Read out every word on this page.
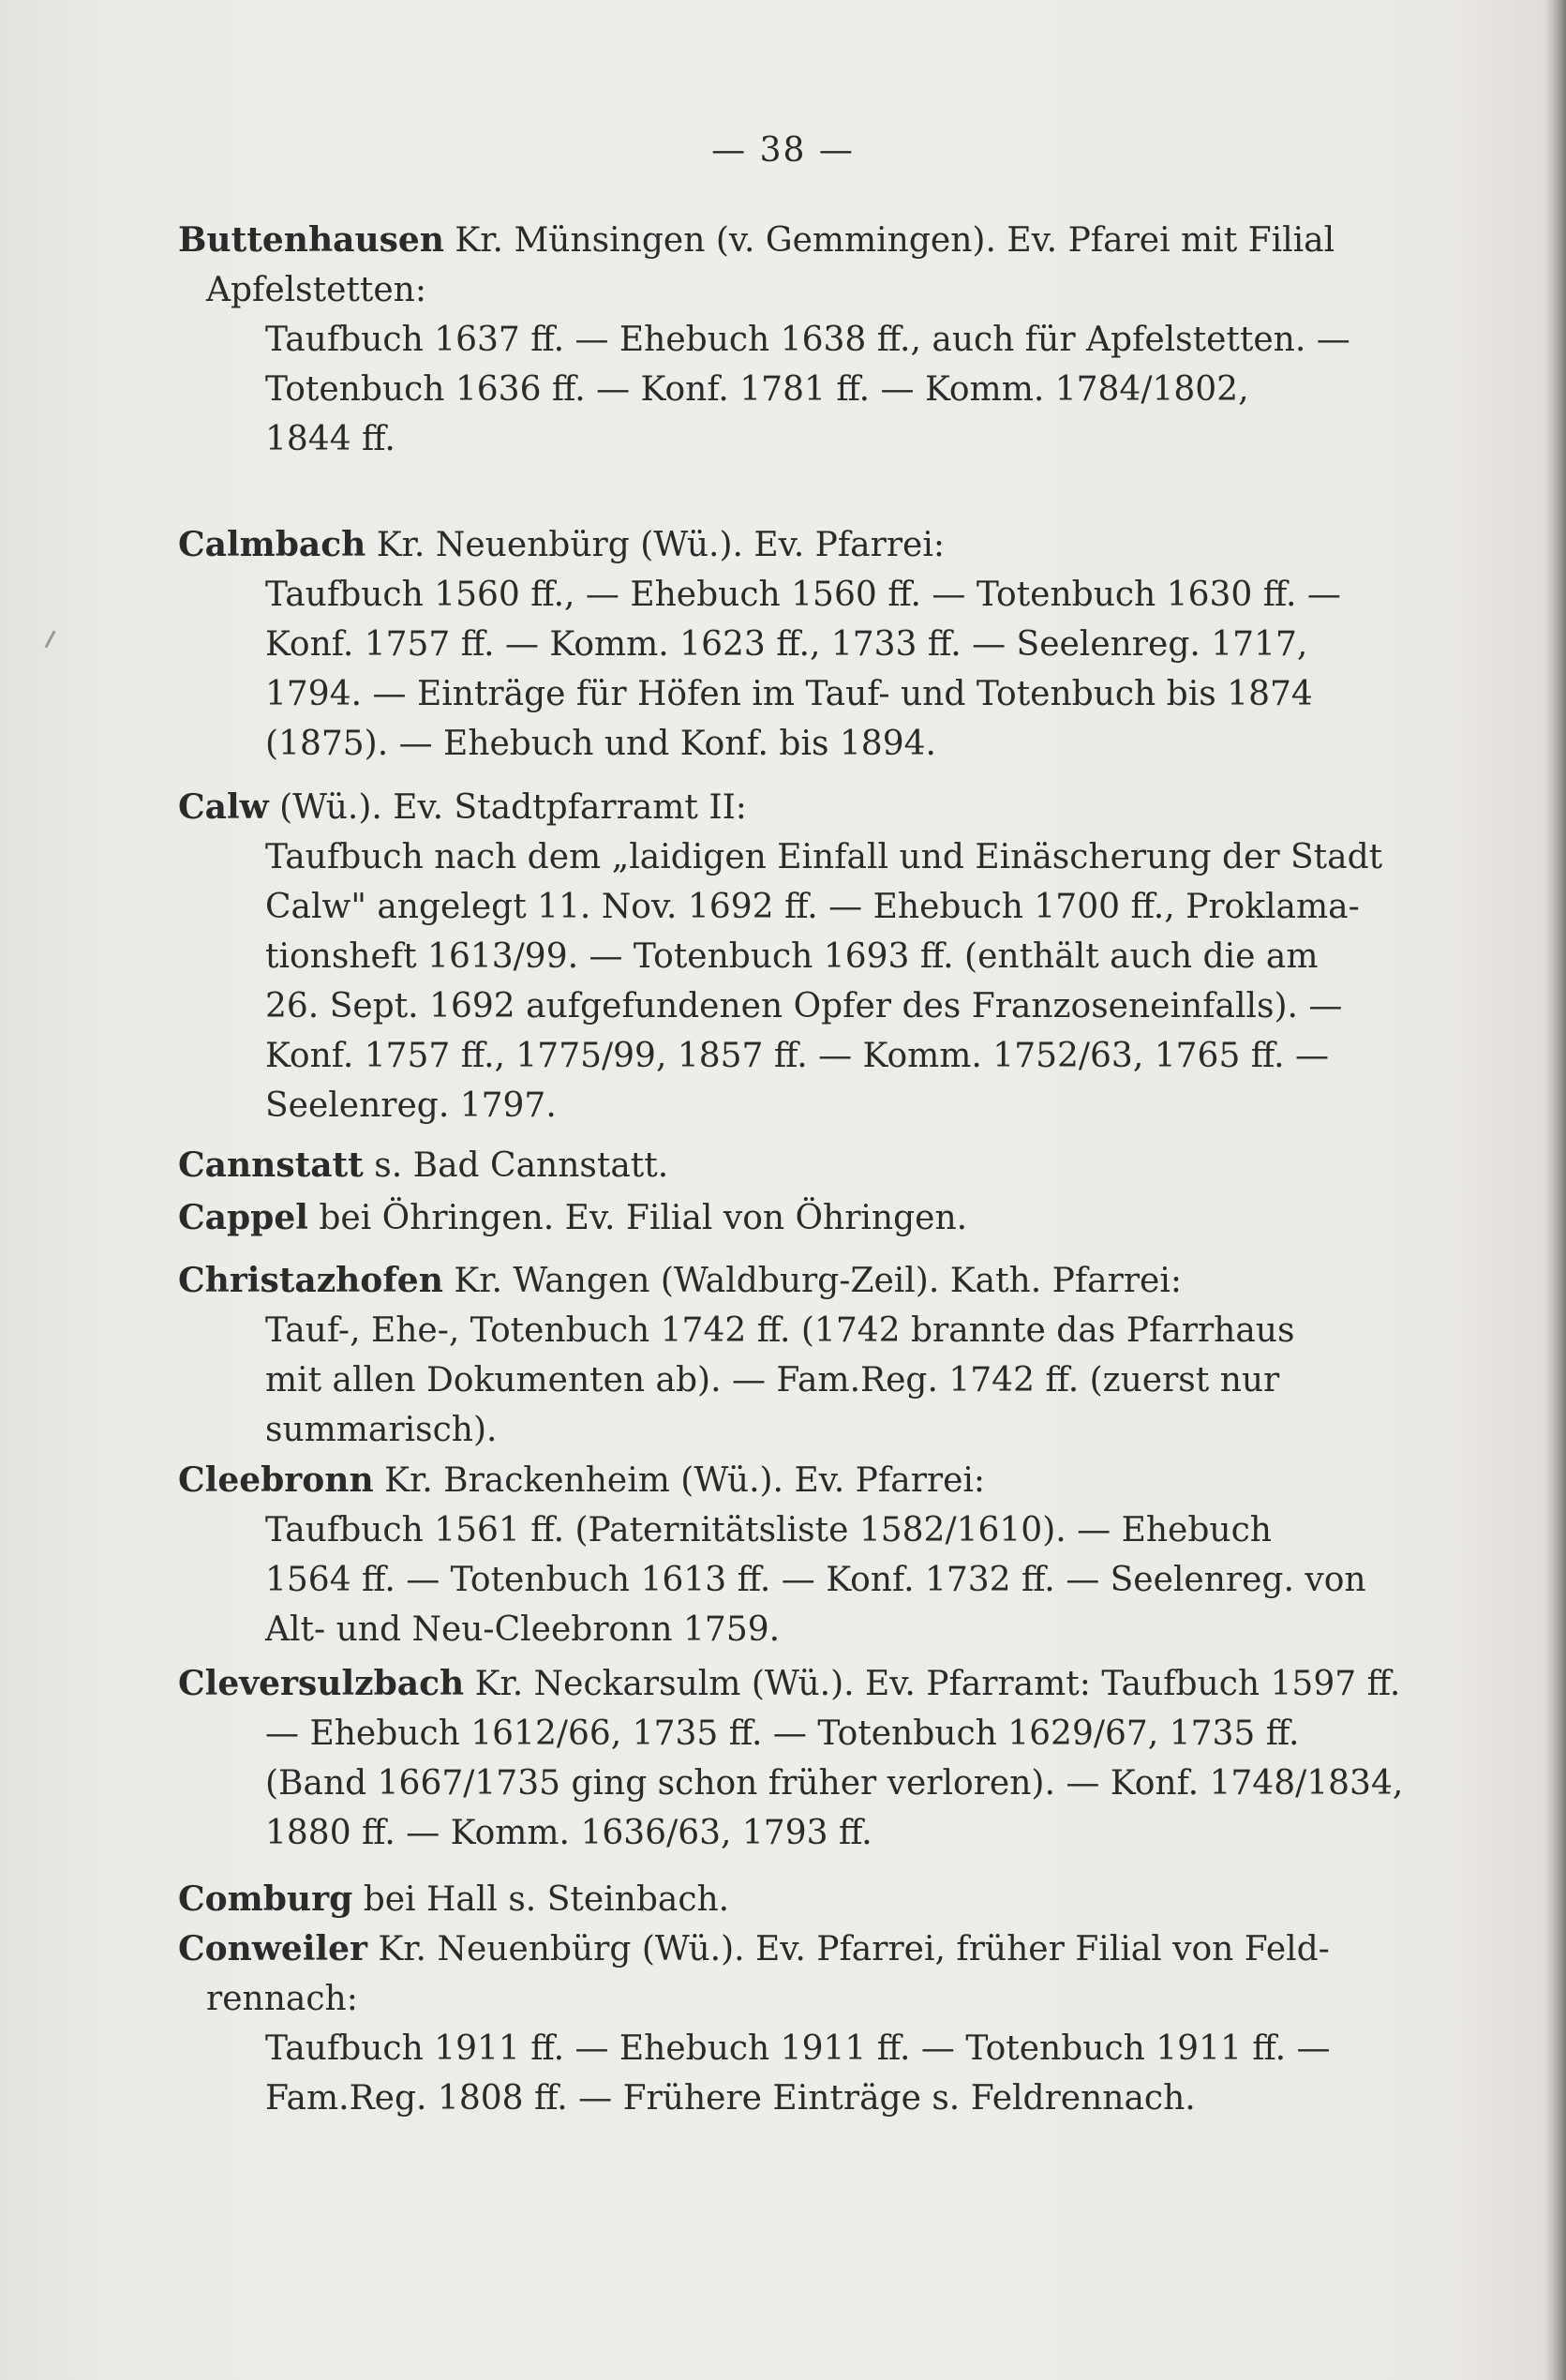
— 38 —
Buttenhausen Kr. Münsingen (v. Gemmingen). Ev. Pfarei mit Filial
Apfelstetten:
Taufbuch 1637 ff. — Ehebuch 1638 ff., auch für Apfelstetten. —
Totenbuch 1636 ff. — Konf. 1781 ff. — Komm. 1784/1802,
1844 ff.
Calmbach Kr. Neuenbürg (Wü.). Ev. Pfarrei:
Taufbuch 1560 ff., — Ehebuch 1560 ff. — Totenbuch 1630 ff. —
Konf. 1757 ff. — Komm. 1623 ff., 1733 ff. — Seelenreg. 1717,
1794. — Einträge für Höfen im Tauf- und Totenbuch bis 1874
(1875). — Ehebuch und Konf. bis 1894.
Calw (Wü.). Ev. Stadtpfarramt II:
Taufbuch nach dem „laidigen Einfall und Einäscherung der Stadt
Calw" angelegt 11. Nov. 1692 ff. — Ehebuch 1700 ff., Proklama-
tionsheft 1613/99. — Totenbuch 1693 ff. (enthält auch die am
26. Sept. 1692 aufgefundenen Opfer des Franzoseneinfalls). —
Konf. 1757 ff., 1775/99, 1857 ff. — Komm. 1752/63, 1765 ff. —
Seelenreg. 1797.
Cannstatt s. Bad Cannstatt.
Cappel bei Öhringen. Ev. Filial von Öhringen.
Christazhofen Kr. Wangen (Waldburg-Zeil). Kath. Pfarrei:
Tauf-, Ehe-, Totenbuch 1742 ff. (1742 brannte das Pfarrhaus
mit allen Dokumenten ab). — Fam.Reg. 1742 ff. (zuerst nur
summarisch).
Cleebronn Kr. Brackenheim (Wü.). Ev. Pfarrei:
Taufbuch 1561 ff. (Paternitätsliste 1582/1610). — Ehebuch
1564 ff. — Totenbuch 1613 ff. — Konf. 1732 ff. — Seelenreg. von
Alt- und Neu-Cleebronn 1759.
Cleversulzbach Kr. Neckarsulm (Wü.). Ev. Pfarramt: Taufbuch 1597 ff.
— Ehebuch 1612/66, 1735 ff. — Totenbuch 1629/67, 1735 ff.
(Band 1667/1735 ging schon früher verloren). — Konf. 1748/1834,
1880 ff. — Komm. 1636/63, 1793 ff.
Comburg bei Hall s. Steinbach.
Conweiler Kr. Neuenbürg (Wü.). Ev. Pfarrei, früher Filial von Feld-
rennach:
Taufbuch 1911 ff. — Ehebuch 1911 ff. — Totenbuch 1911 ff. —
Fam.Reg. 1808 ff. — Frühere Einträge s. Feldrennach.
